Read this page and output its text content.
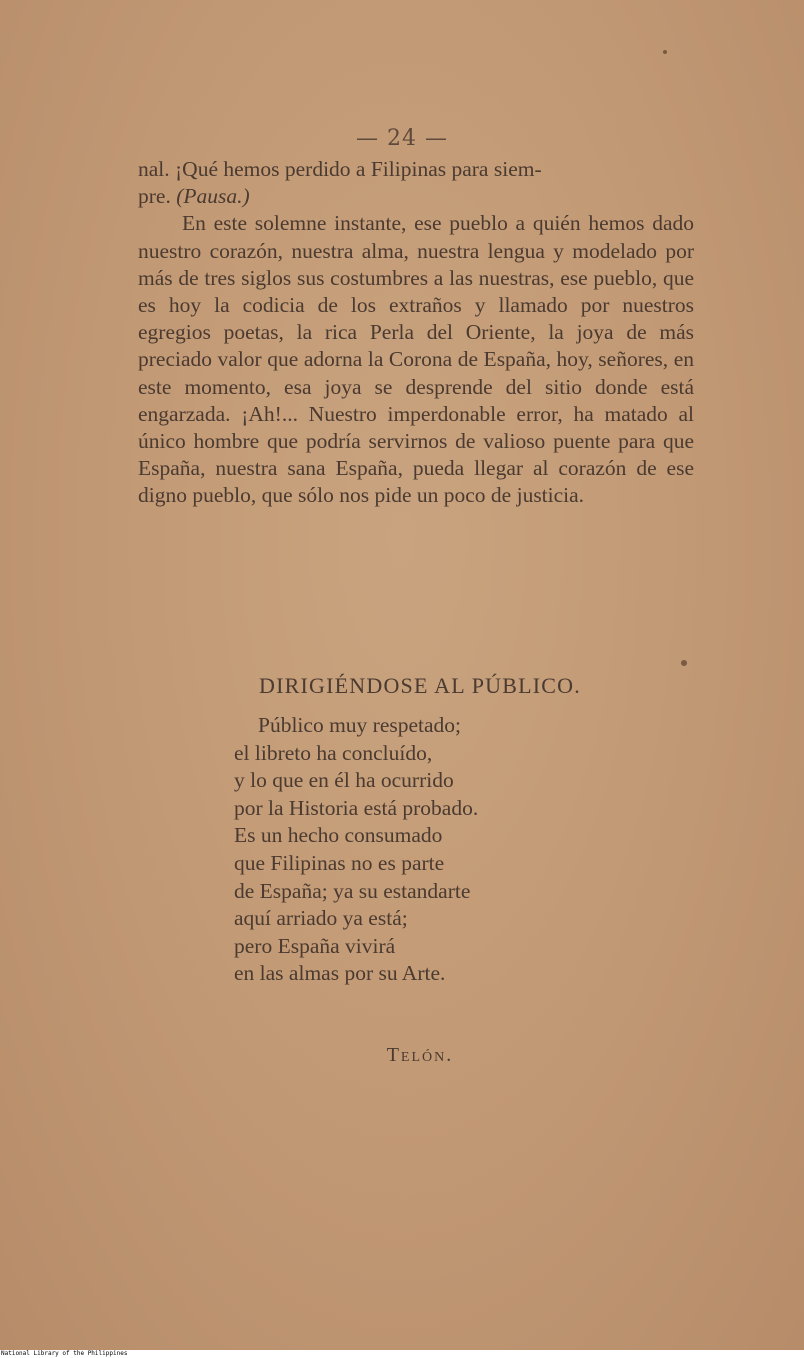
— 24 —

nal. ¡Qué hemos perdido a Filipinas para siem-
pre. (Pausa.)

En este solemne instante, ese pueblo a quién hemos dado nuestro corazón, nuestra alma, nuestra lengua y modelado por más de tres siglos sus costumbres a las nuestras, ese pueblo, que es hoy la codicia de los extraños y llamado por nuestros egregios poetas, la rica Perla del Oriente, la joya de más preciado valor que adorna la Corona de España, hoy, señores, en este momento, esa joya se desprende del sitio donde está engarzada. ¡Ah!... Nuestro imperdonable error, ha matado al único hombre que podría servirnos de valioso puente para que España, nuestra sana España, pueda llegar al corazón de ese digno pueblo, que sólo nos pide un poco de justicia.

DIRIGIÉNDOSE AL PÚBLICO.
Público muy respetado;
el libreto ha concluído,
y lo que en él ha ocurrido
por la Historia está probado.
Es un hecho consumado
que Filipinas no es parte
de España; ya su estandarte
aquí arriado ya está;
pero España vivirá
en las almas por su Arte.
Telón.
National Library of the Philippines
